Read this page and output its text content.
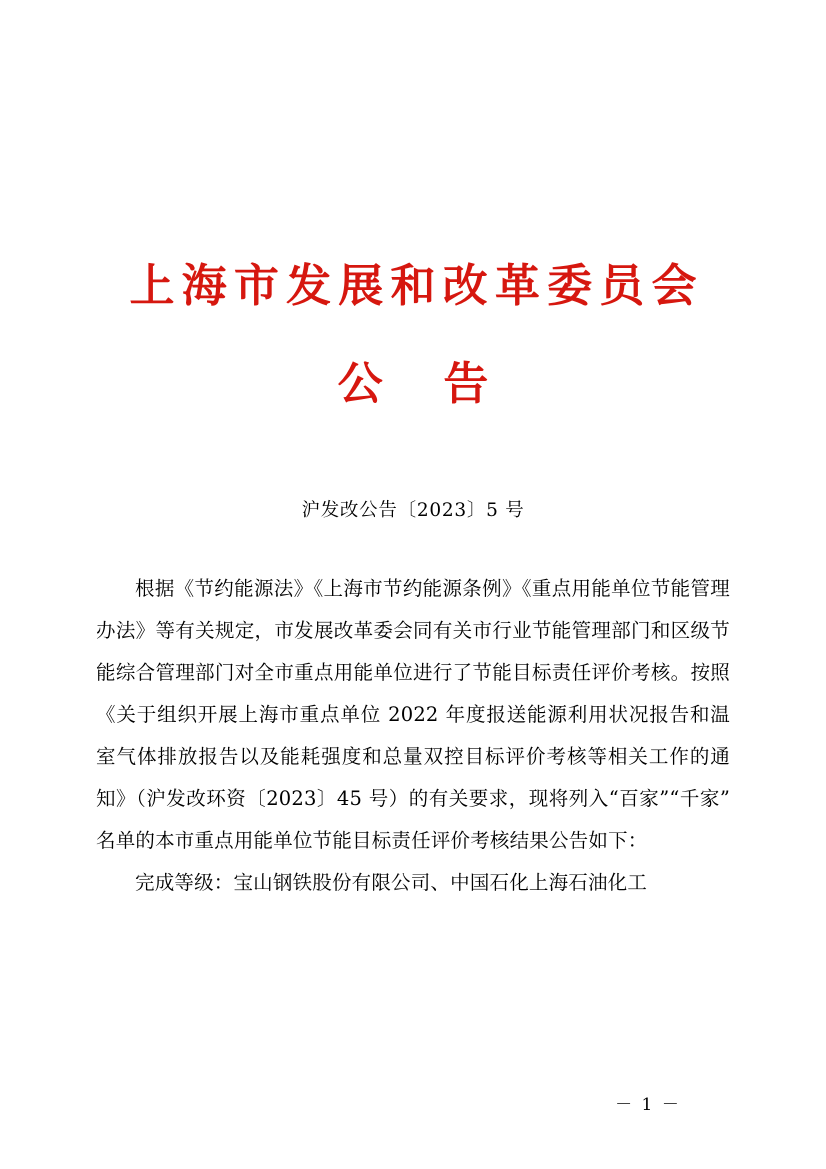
上海市发展和改革委员会
公 告
沪发改公告〔2023〕5 号

根据《节约能源法》《上海市节约能源条例》《重点用能单位节能管理办法》等有关规定，市发展改革委会同有关市行业节能管理部门和区级节能综合管理部门对全市重点用能单位进行了节能目标责任评价考核。按照《关于组织开展上海市重点单位 2022 年度报送能源利用状况报告和温室气体排放报告以及能耗强度和总量双控目标评价考核等相关工作的通知》（沪发改环资〔2023〕45 号）的有关要求，现将列入“百家”“千家”名单的本市重点用能单位节能目标责任评价考核结果公告如下：

完成等级：宝山钢铁股份有限公司、中国石化上海石油化工

－ 1 －
